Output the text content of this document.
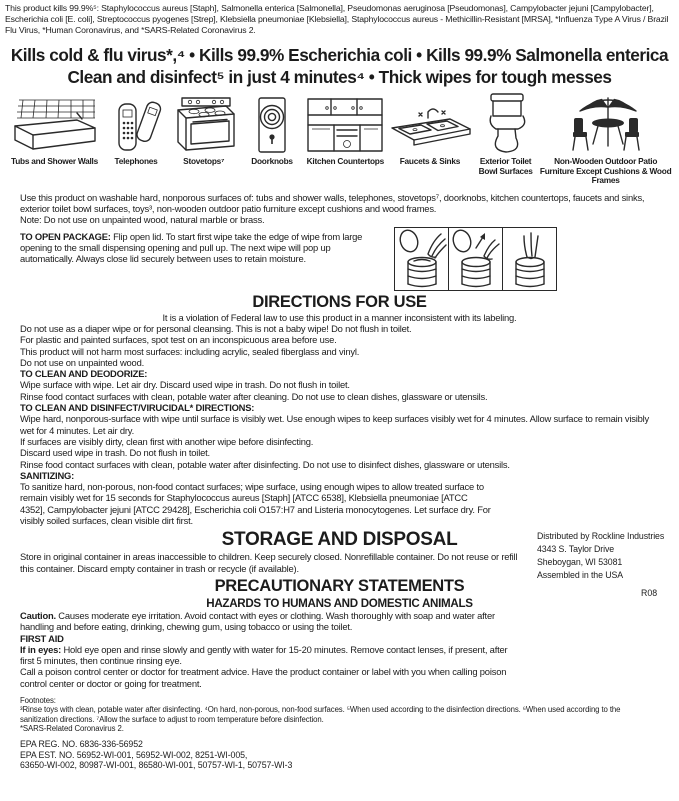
This product kills 99.9%⁵: Staphylococcus aureus [Staph], Salmonella enterica [Salmonella], Pseudomonas aeruginosa [Pseudomonas], Campylobacter jejuni [Campylobacter], Escherichia coli [E. coli], Streptococcus pyogenes [Strep], Klebsiella pneumoniae [Klebsiella], Staphylococcus aureus - Methicillin-Resistant [MRSA], *Influenza Type A Virus / Brazil Flu Virus, *Human Coronavirus, and *SARS-Related Coronavirus 2.

Kills cold & flu virus*,⁴ • Kills 99.9% Escherichia coli • Kills 99.9% Salmonella enterica

Clean and disinfect⁵ in just 4 minutes⁴ • Thick wipes for tough messes

Tubs and Shower Walls Telephones	Stovetops⁷	Doorknobs Kitchen Countertops Faucets & Sinks	Exterior Toilet Bowl Surfaces
Non-Wooden Outdoor Patio Furniture Except Cushions & Wood Frames
Use this product on washable hard, nonporous surfaces of: tubs and shower walls, telephones, stovetops⁷, doorknobs, kitchen countertops, faucets and sinks, exterior toilet bowl surfaces, toys³, non-wooden outdoor patio furniture except cushions and wood frames.
Note: Do not use on unpainted wood, natural marble or brass.

TO OPEN PACKAGE: Flip open lid. To start first wipe take the edge of wipe from large opening to the small dispensing opening and pull up. The next wipe will pop up automatically. Always close lid securely between uses to retain moisture.

DIRECTIONS FOR USE

It is a violation of Federal law to use this product in a manner inconsistent with its labeling.

Do not use as a diaper wipe or for personal cleansing. This is not a baby wipe! Do not flush in toilet.

For plastic and painted surfaces, spot test on an inconspicuous area before use.

This product will not harm most surfaces: including acrylic, sealed fiberglass and vinyl.

Do not use on unpainted wood.

TO CLEAN AND DEODORIZE:

Wipe surface with wipe. Let air dry. Discard used wipe in trash. Do not flush in toilet.

Rinse food contact surfaces with clean, potable water after cleaning. Do not use to clean dishes, glassware or utensils.

TO CLEAN AND DISINFECT/VIRUCIDAL* DIRECTIONS:

Wipe hard, nonporous-surface with wipe until surface is visibly wet. Use enough wipes to keep surfaces visibly wet for 4 minutes. Allow surface to remain visibly wet for 4 minutes. Let air dry.

If surfaces are visibly dirty, clean first with another wipe before disinfecting.

Discard used wipe in trash. Do not flush in toilet.

Rinse food contact surfaces with clean, potable water after disinfecting. Do not use to disinfect dishes, glassware or utensils.

SANITIZING:

To sanitize hard, non-porous, non-food contact surfaces; wipe surface, using enough wipes to allow treated surface to remain visibly wet for 15 seconds for Staphylococcus aureus [Staph] [ATCC 6538], Klebsiella pneumoniae [ATCC 4352], Campylobacter jejuni [ATCC 29428], Escherichia coli O157:H7 and Listeria monocytogenes. Let surface dry. For visibly soiled surfaces, clean visible dirt first.

Distributed by Rockline Industries

4343 S. Taylor Drive

Sheboygan, WI 53081

Assembled in the USA

R08

STORAGE AND DISPOSAL

Store in original container in areas inaccessible to children. Keep securely closed. Nonrefillable container. Do not reuse or refill this container. Discard empty container in trash or recycle (if available).

PRECAUTIONARY STATEMENTS

HAZARDS TO HUMANS AND DOMESTIC ANIMALS

Caution. Causes moderate eye irritation. Avoid contact with eyes or clothing. Wash thoroughly with soap and water after handling and before eating, drinking, chewing gum, using tobacco or using the toilet.

FIRST AID

If in eyes: Hold eye open and rinse slowly and gently with water for 15-20 minutes. Remove contact lenses, if present, after first 5 minutes, then continue rinsing eye.

Call a poison control center or doctor for treatment advice. Have the product container or label with you when calling poison control center or doctor or going for treatment.

Footnotes:

³Rinse toys with clean, potable water after disinfecting. ⁴On hard, non-porous, non-food surfaces. ⁵When used according to the disinfection directions. ⁶When used according to the sanitization directions. ⁷Allow the surface to adjust to room temperature before disinfection.

*SARS-Related Coronavirus 2.

EPA REG. NO. 6836-336-56952

EPA EST. NO. 56952-WI-001, 56952-WI-002, 8251-WI-005,

63650-WI-002, 80987-WI-001, 86580-WI-001, 50757-WI-1, 50757-WI-3
